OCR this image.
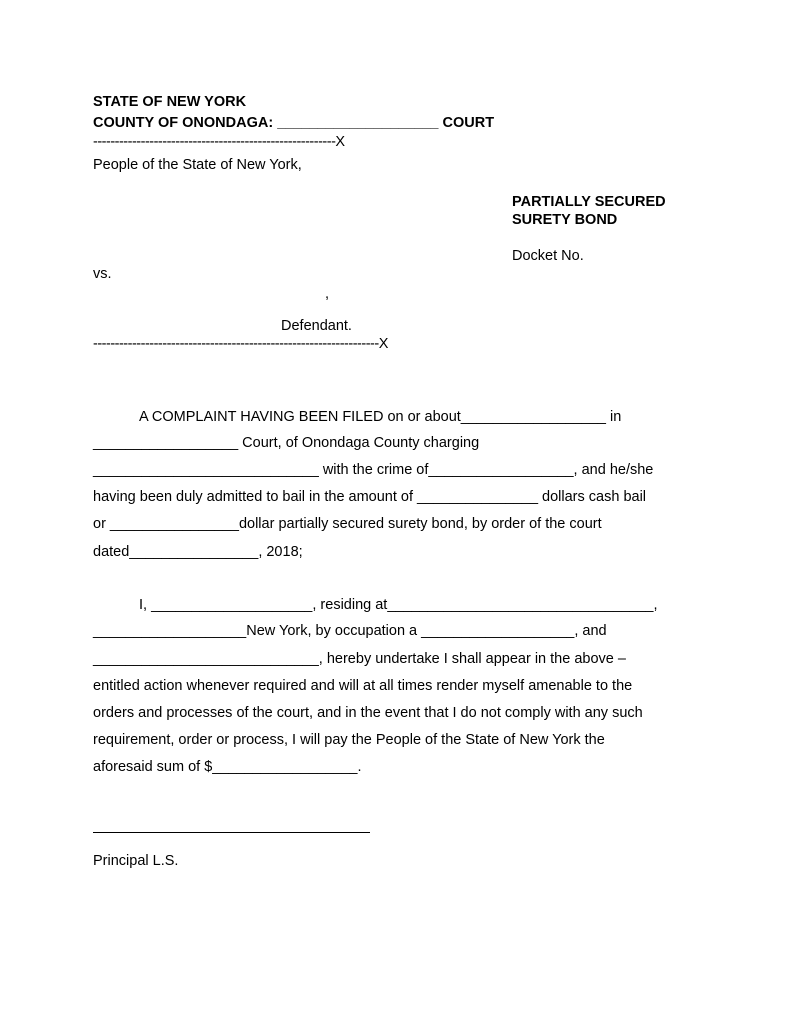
STATE OF NEW YORK
COUNTY OF ONONDAGA: ____________________ COURT
--------------------------------------------------------X
People of the State of New York,
PARTIALLY SECURED
SURETY BOND
Docket No.
vs.
,
Defendant.
------------------------------------------------------------------X
A COMPLAINT HAVING BEEN FILED on or about__________________ in
__________________ Court, of Onondaga County charging
____________________________ with the crime of__________________, and he/she
having been duly admitted to bail in the amount of _______________ dollars cash bail
or ________________dollar partially secured surety bond, by order of the court
dated________________, 2018;
I, ____________________, residing at_________________________________,
___________________New York, by occupation a ___________________, and
____________________________, hereby undertake I shall appear in the above –
entitled action whenever required and will at all times render myself amenable to the
orders and processes of the court, and in the event that I do not comply with any such
requirement, order or process, I will pay the People of the State of New York the
aforesaid sum of $__________________.
Principal L.S.
